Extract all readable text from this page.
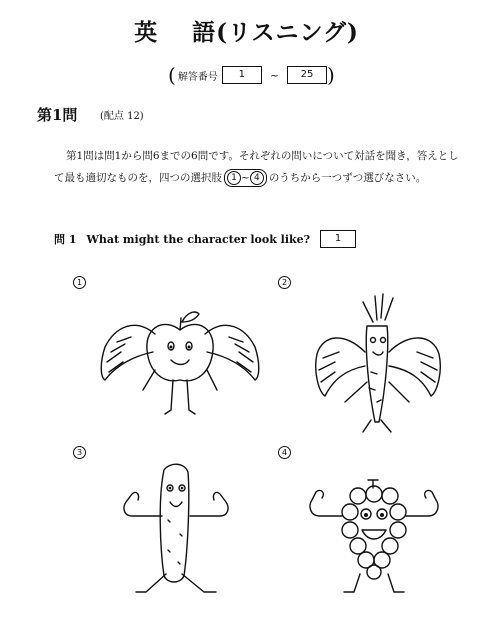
英 語(リスニング)
( 解答番号	1	~	25 )
第1問 (配点 12)
第1問は問1から問6までの6問です。それぞれの問いについて対話を聞き，答えとして最も適切なものを，四つの選択肢 1 ~ 4 のうちから一つずつ選びなさい。
問 1 What might the character look like?	1
1	2
3	4
